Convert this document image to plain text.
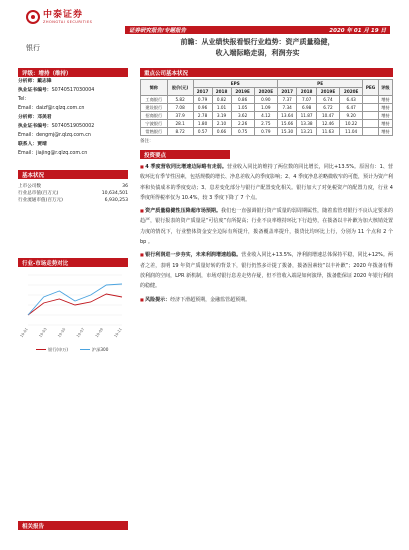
中泰证券
ZHONGTAI SECURITIES
证券研究报告/专题报告	2020 年 01 月 19 日
银行
前瞻：从业绩快报看银行业趋势：资产质量稳健，
收入端际略走弱，利润夯实
评级：增持（维持）
分析师：戴志锋
执业证书编号：S0740517030004
Tel：
Email：daizf@r.qlzq.com.cn
分析师：邓美君
执业证书编号：S0740519050002
Email：dengmj@r.qlzq.com.cn
联系人：贾靖
Email：jiajing@r.qlzq.com.cn
基本状况
上市公司数	36
行业总市值(百万元)	10,634,501
行业流通市值(百万元)	6,930,253
行业-市场走势对比
19-01	19-03	19-05	19-07	19-09	19-11
银行(申万)	沪深300
相关报告
重点公司基本状况
简称	股价(元)	EPS				PE				PEG	评级
		2017	2018	2019E	2020E	2017	2018	2019E	2020E		
工商银行	5.82	0.79	0.82	0.86	0.90	7.37	7.07	6.74	6.43		增持
建设银行	7.08	0.96	1.01	1.05	1.09	7.34	6.98	6.72	6.47		增持
招商银行	37.9	2.78	3.19	3.62	4.12	13.64	11.87	10.47	9.20		增持
宁波银行	28.1	1.80	2.10	2.26	2.75	15.66	13.38	12.46	10.22		增持
常熟银行	8.72	0.57	0.66	0.75	0.79	15.30	13.21	11.63	11.04		增持
备注：
投资要点
■ 4 季度营收同比增速边际略有走弱。营业收入同比的维持了两位数的同比增长，同比+13.5%。原因有：1、营收环比有季节性因素，包括规模的增长、净息差收入的季度影响；2、4 季度净息差略微收窄的可能，预计为资产利率和负债成本的季度变动；3、息差变化部分与银行产配置变化相关。银行加大了对免税资产的配置力度，行业 4 季度所得税率仅为 10.4%，较 3 季度下降了 7 个点。
■ 资产质量稳健性压降超市场预期。我们也一直强调银行资产质量的弱周期属性，随着监管对银行不良认定要求的趋严，银行报表的资产质量是“可信度”有所提高；行业不良率维持环比下行趋势，在拨备以丰补歉为加大核销处置力度的情况下，行业整体资金安全边际有所提升，拨备覆盖率提升，拨贷比均环比上行，分别为 11 个点和 2 个 bp 。
■ 银行利润进一步夯实，未来利润增速趋稳。营业收入同比+13.5%，净利润增速总体保持平稳，同比+12%。两者之差，表明 19 年资产质量好转的背景下，银行仍然多计提了拨备，拨备因素较“以丰补歉”；2020 年拨备有释放利润的空间，LPR 新机制，市场对银行息差走势存疑，但不管收入端是如何演绎，拨备能保证 2020 年银行利润的稳健。
■ 风险提示：经济下滑超预期，金融监管超预期。
